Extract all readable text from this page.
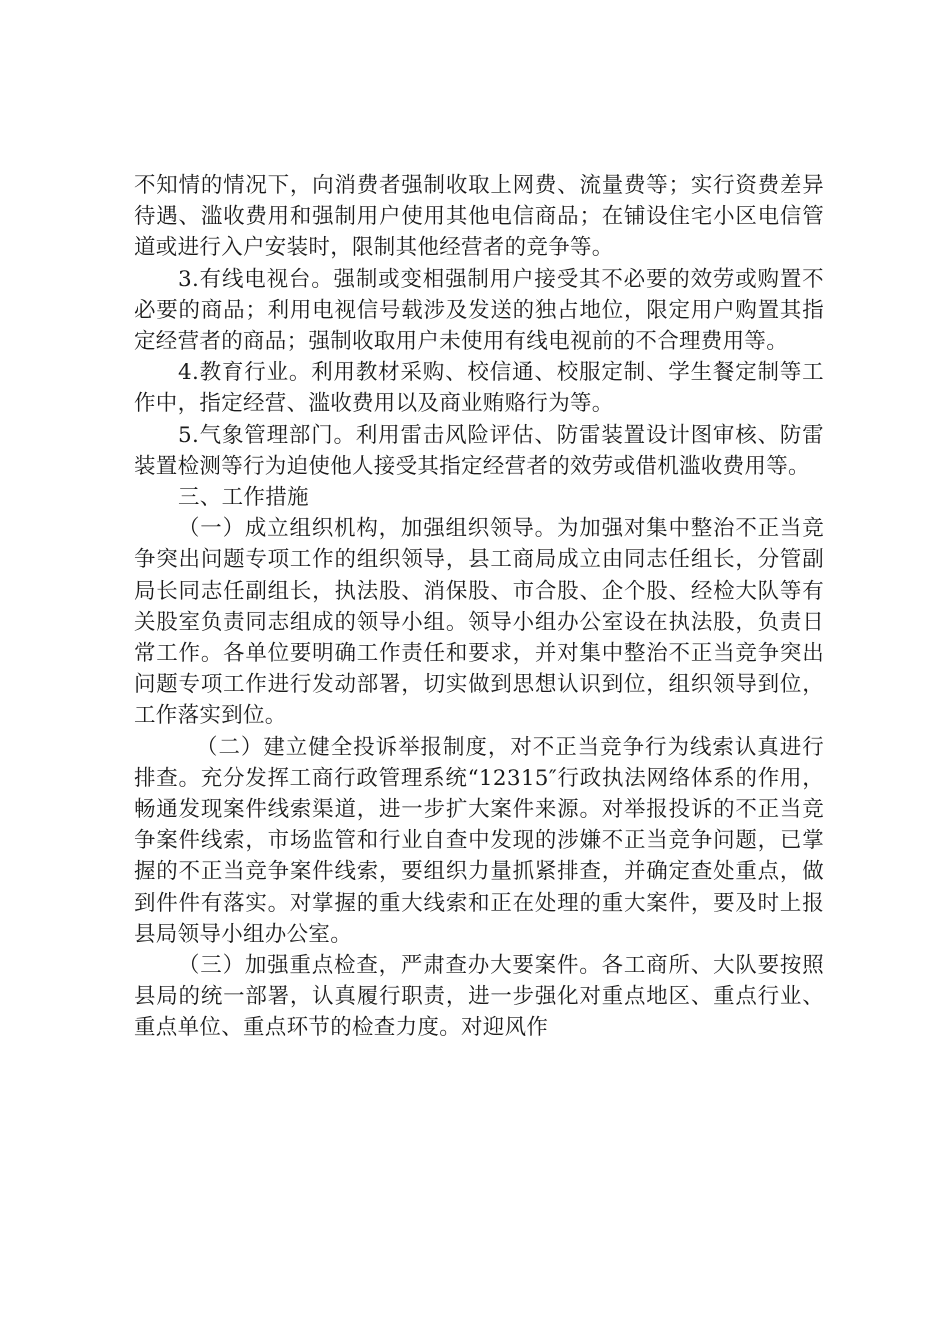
不知情的情况下，向消费者强制收取上网费、流量费等；实行资费差异待遇、滥收费用和强制用户使用其他电信商品；在铺设住宅小区电信管道或进行入户安装时，限制其他经营者的竞争等。

3.有线电视台。强制或变相强制用户接受其不必要的效劳或购置不必要的商品；利用电视信号载涉及发送的独占地位，限定用户购置其指定经营者的商品；强制收取用户未使用有线电视前的不合理费用等。

4.教育行业。利用教材采购、校信通、校服定制、学生餐定制等工作中，指定经营、滥收费用以及商业贿赂行为等。

5.气象管理部门。利用雷击风险评估、防雷装置设计图审核、防雷装置检测等行为迫使他人接受其指定经营者的效劳或借机滥收费用等。

三、工作措施

（一）成立组织机构，加强组织领导。为加强对集中整治不正当竞争突出问题专项工作的组织领导，县工商局成立由同志任组长，分管副局长同志任副组长，执法股、消保股、市合股、企个股、经检大队等有关股室负责同志组成的领导小组。领导小组办公室设在执法股，负责日常工作。各单位要明确工作责任和要求，并对集中整治不正当竞争突出问题专项工作进行发动部署，切实做到思想认识到位，组织领导到位，工作落实到位。

（二）建立健全投诉举报制度，对不正当竞争行为线索认真进行排查。充分发挥工商行政管理系统“12315″行政执法网络体系的作用，畅通发现案件线索渠道，进一步扩大案件来源。对举报投诉的不正当竞争案件线索，市场监管和行业自查中发现的涉嫌不正当竞争问题，已掌握的不正当竞争案件线索，要组织力量抓紧排查，并确定查处重点，做到件件有落实。对掌握的重大线索和正在处理的重大案件，要及时上报县局领导小组办公室。

（三）加强重点检查，严肃查办大要案件。各工商所、大队要按照县局的统一部署，认真履行职责，进一步强化对重点地区、重点行业、重点单位、重点环节的检查力度。对迎风作
